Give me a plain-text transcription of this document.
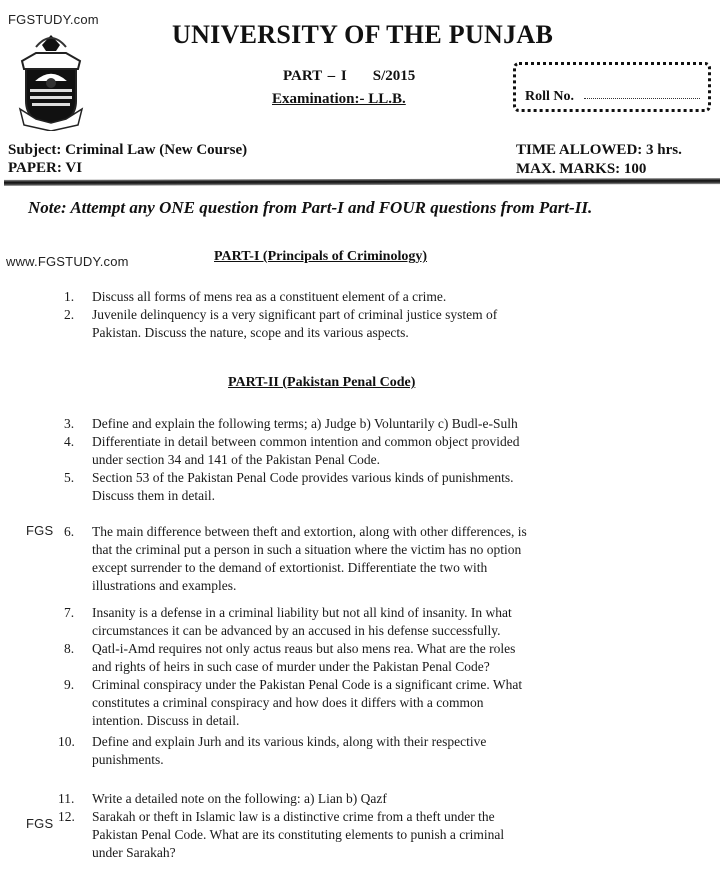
FGSTUDY.com
www.FGSTUDY.com
FGS
FGS
UNIVERSITY OF THE PUNJAB
PART – I S/2015
Examination:- LL.B.	Roll No.
Subject: Criminal Law (New Course)
PAPER: VI
TIME ALLOWED: 3 hrs.
MAX. MARKS: 100
Note: Attempt any ONE question from Part-I and FOUR questions from Part-II.
PART-I (Principals of Criminology)
1. Discuss all forms of mens rea as a constituent element of a crime.
2. Juvenile delinquency is a very significant part of criminal justice system of
Pakistan. Discuss the nature, scope and its various aspects.
PART-II (Pakistan Penal Code)
3. Define and explain the following terms; a) Judge b) Voluntarily c) Budl-e-Sulh
4. Differentiate in detail between common intention and common object provided
under section 34 and 141 of the Pakistan Penal Code.
5. Section 53 of the Pakistan Penal Code provides various kinds of punishments.
Discuss them in detail.
6. The main difference between theft and extortion, along with other differences, is
that the criminal put a person in such a situation where the victim has no option
except surrender to the demand of extortionist. Differentiate the two with
illustrations and examples.
7. Insanity is a defense in a criminal liability but not all kind of insanity. In what
circumstances it can be advanced by an accused in his defense successfully.
8. Qatl-i-Amd requires not only actus reaus but also mens rea. What are the roles
and rights of heirs in such case of murder under the Pakistan Penal Code?
9. Criminal conspiracy under the Pakistan Penal Code is a significant crime. What
constitutes a criminal conspiracy and how does it differs with a common
intention. Discuss in detail.
10. Define and explain Jurh and its various kinds, along with their respective
punishments.
11. Write a detailed note on the following: a) Lian b) Qazf
12. Sarakah or theft in Islamic law is a distinctive crime from a theft under the
Pakistan Penal Code. What are its constituting elements to punish a criminal
under Sarakah?
